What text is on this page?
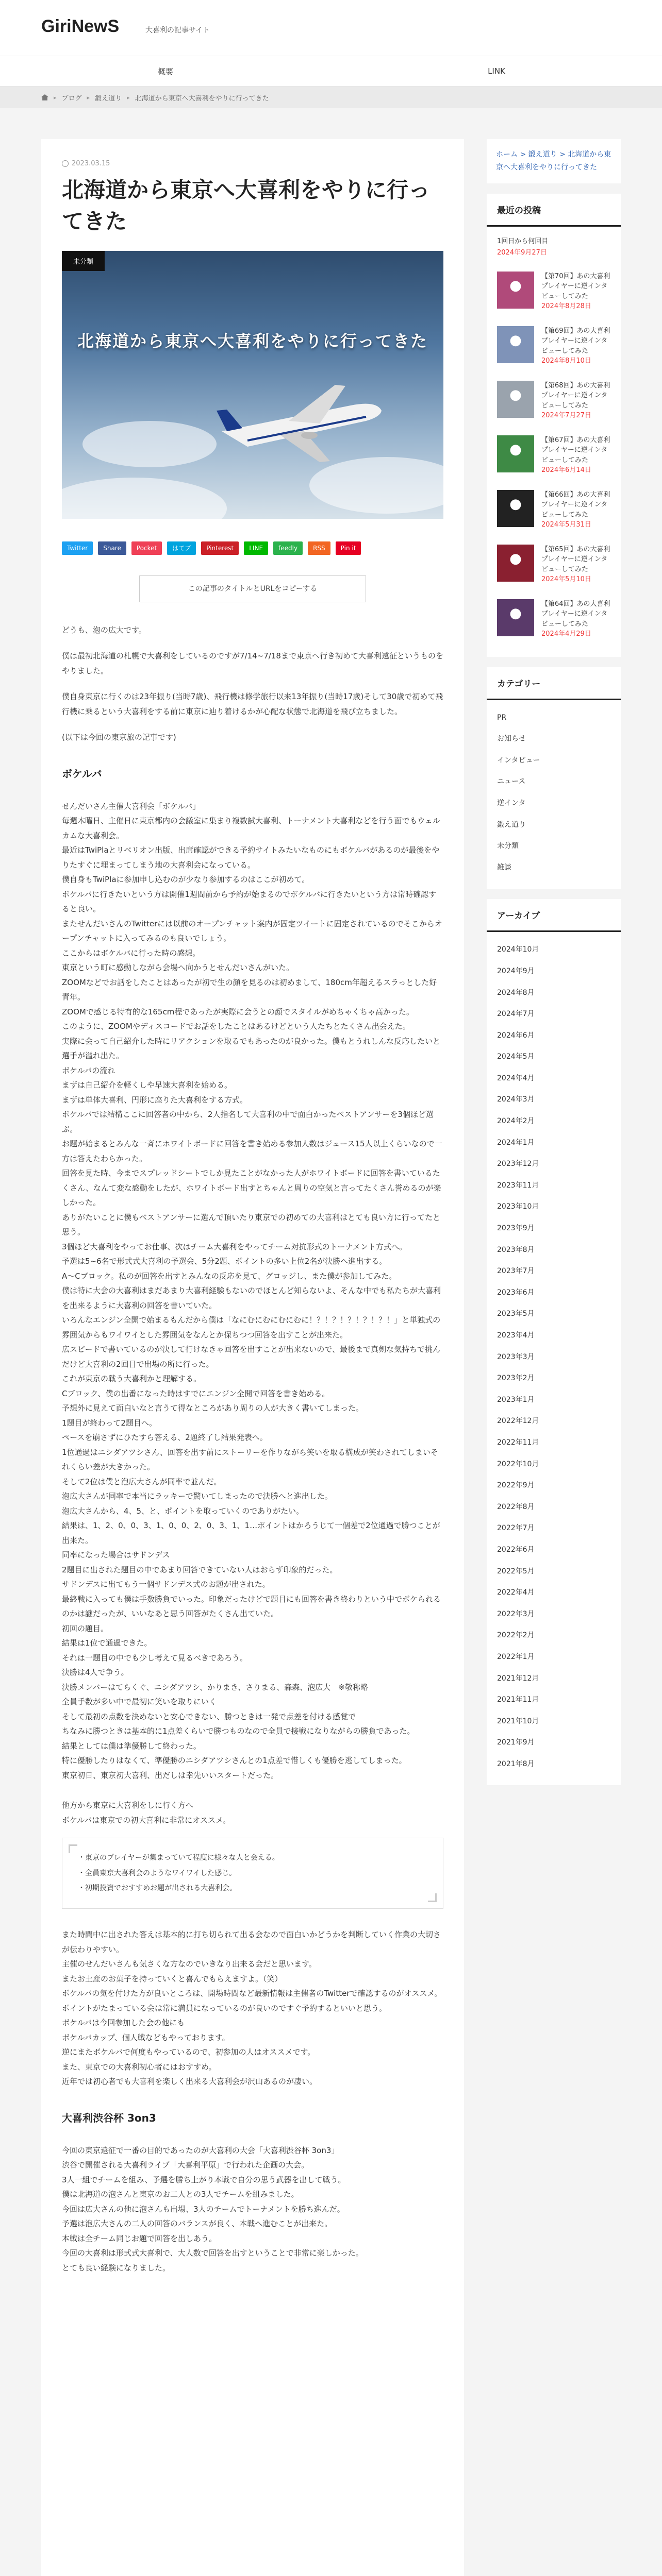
GiriNewS	大喜利の記事サイト
概要	LINK
▸ ブログ ▸ 鍛え道り ▸ 北海道から東京へ大喜利をやりに行ってきた
2023.03.15
北海道から東京へ大喜利をやりに行ってきた
未分類
北海道から東京へ大喜利をやりに行ってきた
Twitter	Share	Pocket	はてブ	Pinterest	LINE	feedly	RSS	Pin it
この記事のタイトルとURLをコピーする

どうも、泡の広大です。

僕は最初北海道の札幌で大喜利をしているのですが7/14~7/18まで東京へ行き初めて大喜利遠征というものをやりました。

僕自身東京に行くのは23年振り(当時7歳)、飛行機は修学旅行以来13年振り(当時17歳)そして30歳で初めて飛行機に乗るという大喜利をする前に東京に辿り着けるかが心配な状態で北海道を飛び立ちました。

(以下は今回の東京旅の記事です)

ボケルバ

せんだいさん主催大喜利会「ボケルバ」

毎週木曜日、主催日に東京都内の会議室に集まり複数試大喜利、トーナメント大喜利などを行う面でもウェルカムな大喜利会。

最近はTwiPlaとリベリオン出版、出席確認ができる予約サイトみたいなものにもボケルバがあるのが最後をやりたすぐに埋まってしまう地の大喜利会になっている。

僕自身もTwiPlaに参加申し込むのが少なり参加するのはここが初めて。

ボケルバに行きたいという方は開催1週間前から予約が始まるのでボケルバに行きたいという方は常時確認すると良い。

またせんだいさんのTwitterには以前のオープンチャット案内が固定ツイートに固定されているのでそこからオープンチャットに入ってみるのも良いでしょう。

ここからはボケルバに行った時の感想。

東京という町に感動しながら会場へ向かうとせんだいさんがいた。

ZOOMなどでお話をしたことはあったが初で生の顔を見るのは初めまして、180cm年超えるスラっとした好青年。

ZOOMで感じる特有的な165cm程であったが実際に会うとの顔でスタイルがめちゃくちゃ高かった。

このように、ZOOMやディスコードでお話をしたことはあるけどという人たちとたくさん出会えた。

実際に会って自己紹介した時にリアクションを取るでもあったのが良かった。僕もとうれしんな反応したいと選手が溢れ出た。

ボケルバの流れ

まずは自己紹介を軽くしや早速大喜利を始める。

まずは単体大喜利、円形に座りた大喜利をする方式。

ボケルバでは結構ここに回答者の中から、2人指名して大喜利の中で面白かったベストアンサーを3個ほど選ぶ。

お題が始まるとみんな一斉にホワイトボードに回答を書き始める参加人数はジュース15人以上くらいなので一方は答えたわらかった。

回答を見た時、今までスプレッドシートでしか見たことがなかった人がホワイトボードに回答を書いているたくさん、なんて変な感動をしたが、ホワイトボード出すとちゃんと周りの空気と言ってたくさん誉めるのが楽しかった。

ありがたいことに僕もベストアンサーに選んで頂いたり東京での初めての大喜利はとても良い方に行ってたと思う。

3個ほど大喜利をやってお仕事、次はチーム大喜利をやってチーム対抗形式のトーナメント方式へ。

予選は5~6名で形式式大喜利の予選会、5分2題、ポイントの多い上位2名が決勝へ進出する。

A〜Cブロック。私のが回答を出すとみんなの反応を見て、グロッジし、また僕が参加してみた。

僕は特に大会の大喜利はまだあまり大喜利経験もないのでほとんど知らないよ、そんな中でも私たちが大喜利を出来るように大喜利の回答を書いていた。

いろんなエンジン全開で始まるもんだから僕は「なにむにむにむにむに！？！？！？！？！？！」と単独式の雰囲気からもワイワイとした雰囲気をなんとか保ちつつ回答を出すことが出来た。

広スピードで書いているのが決して行けなきゃ回答を出すことが出来ないので、最後まで真剣な気持ちで挑んだけど大喜利の2回目で出場の所に行った。

これが東京の戦う大喜利かと理解する。

Cブロック、僕の出番になった時はすでにエンジン全開で回答を書き始める。

予想外に見えて面白いなと言うて得なところがあり周りの人が大きく書いてしまった。

1題目が終わって2題目へ。

ペースを崩さずにひたすら答える、2題終了し結果発表へ。

1位通過はニシダアツシさん、回答を出す前にストーリーを作りながら笑いを取る構成が笑わされてしまいそれくらい差が大きかった。

そして2位は僕と泡広大さんが同率で並んだ。

泡広大さんが同率で本当にラッキーで驚いてしまったので決勝へと進出した。

泡広大さんから、4、5、と、ポイントを取っていくのでありがたい。

結果は、1、2、0、0、3、1、0、0、2、0、3、1、1…ポイントはかろうじて一個差で2位通過で勝つことが出来た。

同率になった場合はサドンデス

2題目に出された題目の中であまり回答できていない人はおらず印象的だった。

サドンデスに出てもう一個サドンデス式のお題が出された。

最終戦に入っても僕は手数勝負でいった。印象だったけどで題目にも回答を書き終わりという中でボケられるのかは謎だったが、いいなあと思う回答がたくさん出ていた。

初回の題目。

結果は1位で通過できた。

それは一題目の中でも少し考えて見るべきであろう。

決勝は4人で争う。

決勝メンバーはてらくぐ、ニシダアツシ、かりまき、さりまる、森森、泡広大　※敬称略

全員手数が多い中で最初に笑いを取りにいく

そして最初の点数を決めないと安心できない、勝つときは一発で点差を付ける感覚で

ちなみに勝つときは基本的に1点差くらいで勝つものなので全員で接戦になりながらの勝負であった。

結果としては僕は準優勝して終わった。

特に優勝したりはなくて、準優勝のニシダアツシさんとの1点差で惜しくも優勝を逃してしまった。

東京初日、東京初大喜利、出だしは幸先いいスタートだった。

他方から東京に大喜利をしに行く方へ

ボケルバは東京での初大喜利に非常にオススメ。

・東京のプレイヤーが集まっていて程度に様々な人と会える。
・全員東京大喜利会のようなワイワイした感じ。
・初期投資でおすすめお題が出される大喜利会。

また時間中に出された答えは基本的に打ち切られて出る会なので面白いかどうかを判断していく作業の大切さが伝わりやすい。

主催のせんだいさんも気さくな方なのでいきなり出来る会だと思います。

またお土産のお菓子を持っていくと喜んでもらえますよ。（笑）

ボケルバの気を付けた方が良いところは、開場時間など最新情報は主催者のTwitterで確認するのがオススメ。

ポイントがたまっている会は常に満員になっているのが良いのですぐ予約するといいと思う。

ボケルバは今回参加した会の他にも

ボケルバカップ、個人戦などもやっております。

逆にまたボケルバで何度もやっているので、初参加の人はオススメです。

また、東京での大喜利初心者にはおすすめ。

近年では初心者でも大喜利を楽しく出来る大喜利会が沢山あるのが凄い。

大喜利渋谷杯 3on3

今回の東京遠征で一番の目的であったのが大喜利の大会「大喜利渋谷杯 3on3」

渋谷で開催される大喜利ライブ「大喜利平原」で行われた企画の大会。

3人一組でチームを組み、予選を勝ち上がり本戦で自分の思う武器を出して戦う。

僕は北海道の泡さんと東京のお二人との3人でチームを組みました。

今回は広大さんの他に泡さんも出場、3人のチームでトーナメントを勝ち進んだ。

予選は泡広大さんの二人の回答のバランスが良く、本戦へ進むことが出来た。

本戦は全チーム同じお題で回答を出しあう。

今回の大喜利は形式式大喜利で、大人数で回答を出すということで非常に楽しかった。

とても良い経験になりました。

ホーム > 鍛え道り > 北海道から東京へ大喜利をやりに行ってきた
最近の投稿
1回日から何回目
2024年9月27日
【第70回】あの大喜利プレイヤーに逆インタビューしてみた
2024年8月28日
【第69回】あの大喜利プレイヤーに逆インタビューしてみた
2024年8月10日
【第68回】あの大喜利プレイヤーに逆インタビューしてみた
2024年7月27日
【第67回】あの大喜利プレイヤーに逆インタビューしてみた
2024年6月14日
【第66回】あの大喜利プレイヤーに逆インタビューしてみた
2024年5月31日
【第65回】あの大喜利プレイヤーに逆インタビューしてみた
2024年5月10日
【第64回】あの大喜利プレイヤーに逆インタビューしてみた
2024年4月29日
カテゴリー
PR
お知らせ
インタビュー
ニュース
逆インタ
鍛え道り
未分類
雑談
アーカイブ
2024年10月
2024年9月
2024年8月
2024年7月
2024年6月
2024年5月
2024年4月
2024年3月
2024年2月
2024年1月
2023年12月
2023年11月
2023年10月
2023年9月
2023年8月
2023年7月
2023年6月
2023年5月
2023年4月
2023年3月
2023年2月
2023年1月
2022年12月
2022年11月
2022年10月
2022年9月
2022年8月
2022年7月
2022年6月
2022年5月
2022年4月
2022年3月
2022年2月
2022年1月
2021年12月
2021年11月
2021年10月
2021年9月
2021年8月
